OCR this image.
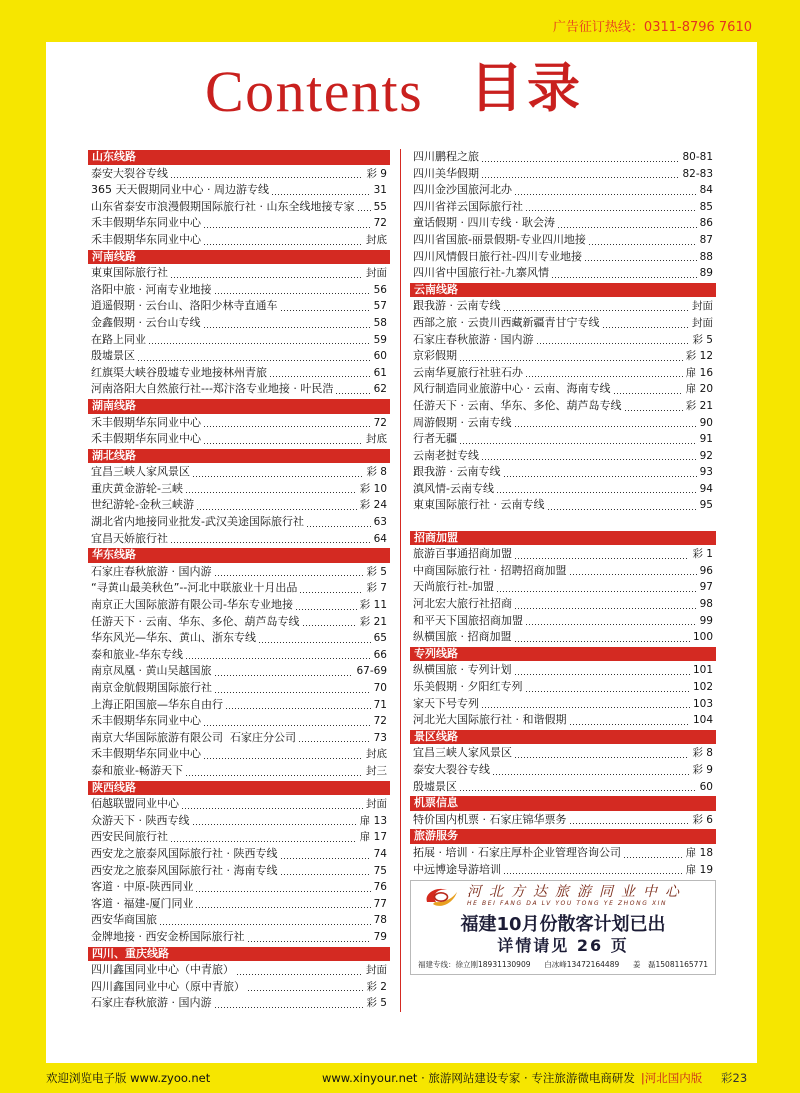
广告征订热线：0311-8796 7610
Contents 目录
山东线路
泰安大裂谷专线	彩 9
365 天天假期同业中心 · 周边游专线	31
山东省泰安市浪漫假期国际旅行社 · 山东全线地接专家 55
禾丰假期华东同业中心	72
禾丰假期华东同业中心	封底
河南线路
東東国际旅行社	封面
洛阳中旅 · 河南专业地接	56
逍遥假期 · 云台山、洛阳少林寺直通车	57
金鑫假期 · 云台山专线	58
在路上同业	59
殷墟景区	60
红旗渠大峡谷殷墟专业地接林州青旅	61
河南洛阳大自然旅行社---郑汴洛专业地接 · 叶民浩	62
湖南线路
禾丰假期华东同业中心	72
禾丰假期华东同业中心	封底
湖北线路
宜昌三峡人家风景区	彩 8
重庆黄金游轮-三峡	彩 10
世纪游轮-金秋三峡游	彩 24
湖北省内地接同业批发-武汉美途国际旅行社	63
宜昌天娇旅行社	64
华东线路
石家庄春秋旅游 · 国内游	彩 5
“寻黄山最美秋色”--河北中联旅业十月出品	彩 7
南京正大国际旅游有限公司-华东专业地接	彩 11
任游天下 · 云南、华东、多伦、葫芦岛专线	彩 21
华东风光—华东、黄山、浙东专线	65
泰和旅业-华东专线	66
南京凤凰 · 黄山吴越国旅	67-69
南京金航假期国际旅行社	70
上海正阳国旅—华东自由行	71
禾丰假期华东同业中心	72
南京大华国际旅游有限公司  石家庄分公司	73
禾丰假期华东同业中心	封底
泰和旅业-畅游天下	封三
陕西线路
佰越联盟同业中心	封面
众游天下 · 陕西专线	扉 13
西安民间旅行社	扉 17
西安龙之旅泰风国际旅行社 · 陕西专线	74
西安龙之旅泰风国际旅行社 · 海南专线	75
客道 · 中原-陕西同业	76
客道 · 福建-厦门同业	77
西安华商国旅	78
金牌地接 · 西安金桥国际旅行社	79
四川、重庆线路
四川鑫国同业中心（中青旅）	封面
四川鑫国同业中心（原中青旅）	彩 2
石家庄春秋旅游 · 国内游	彩 5
四川鹏程之旅	80-81
四川美华假期	82-83
四川金沙国旅河北办	84
四川省祥云国际旅行社	85
童话假期 · 四川专线 · 耿会涛	86
四川省国旅-丽景假期-专业四川地接	87
四川风情假日旅行社-四川专业地接	88
四川省中国旅行社-九寨风情	89
云南线路
跟我游 · 云南专线	封面
西部之旅 · 云贵川西藏新疆青甘宁专线	封面
石家庄春秋旅游 · 国内游	彩 5
京彩假期	彩 12
云南华夏旅行社驻石办	扉 16
风行制造同业旅游中心 · 云南、海南专线	扉 20
任游天下 · 云南、华东、多伦、葫芦岛专线	彩 21
周游假期 · 云南专线	90
行者无疆	91
云南老挝专线	92
跟我游 · 云南专线	93
滇风情-云南专线	94
東東国际旅行社 · 云南专线	95
招商加盟
旅游百事通招商加盟	彩 1
中商国际旅行社 · 招聘招商加盟	96
天尚旅行社-加盟	97
河北宏大旅行社招商	98
和平天下国旅招商加盟	99
纵横国旅 · 招商加盟	100
专列线路
纵横国旅 · 专列计划	101
乐美假期 · 夕阳红专列	102
家天下号专列	103
河北光大国际旅行社 · 和谐假期	104
景区线路
宜昌三峡人家风景区	彩 8
泰安大裂谷专线	彩 9
殷墟景区	60
机票信息
特价国内机票 · 石家庄锦华票务	彩 6
旅游服务
拓展 · 培训 · 石家庄厚朴企业管理咨询公司	扉 18
中远博途导游培训	扉 19
河北方达旅游同业中心
HE BEI FANG DA LV YOU TONG YE ZHONG XIN
福建10月份散客计划已出
详情请见 26 页
福建专线：徐立刚18931130909 白冰峰13472164489 姜　磊15081165771
欢迎浏览电子版 www.zyoo.net	www.xinyour.net · 旅游网站建设专家 · 专注旅游微电商研发 |河北国内版 彩23
